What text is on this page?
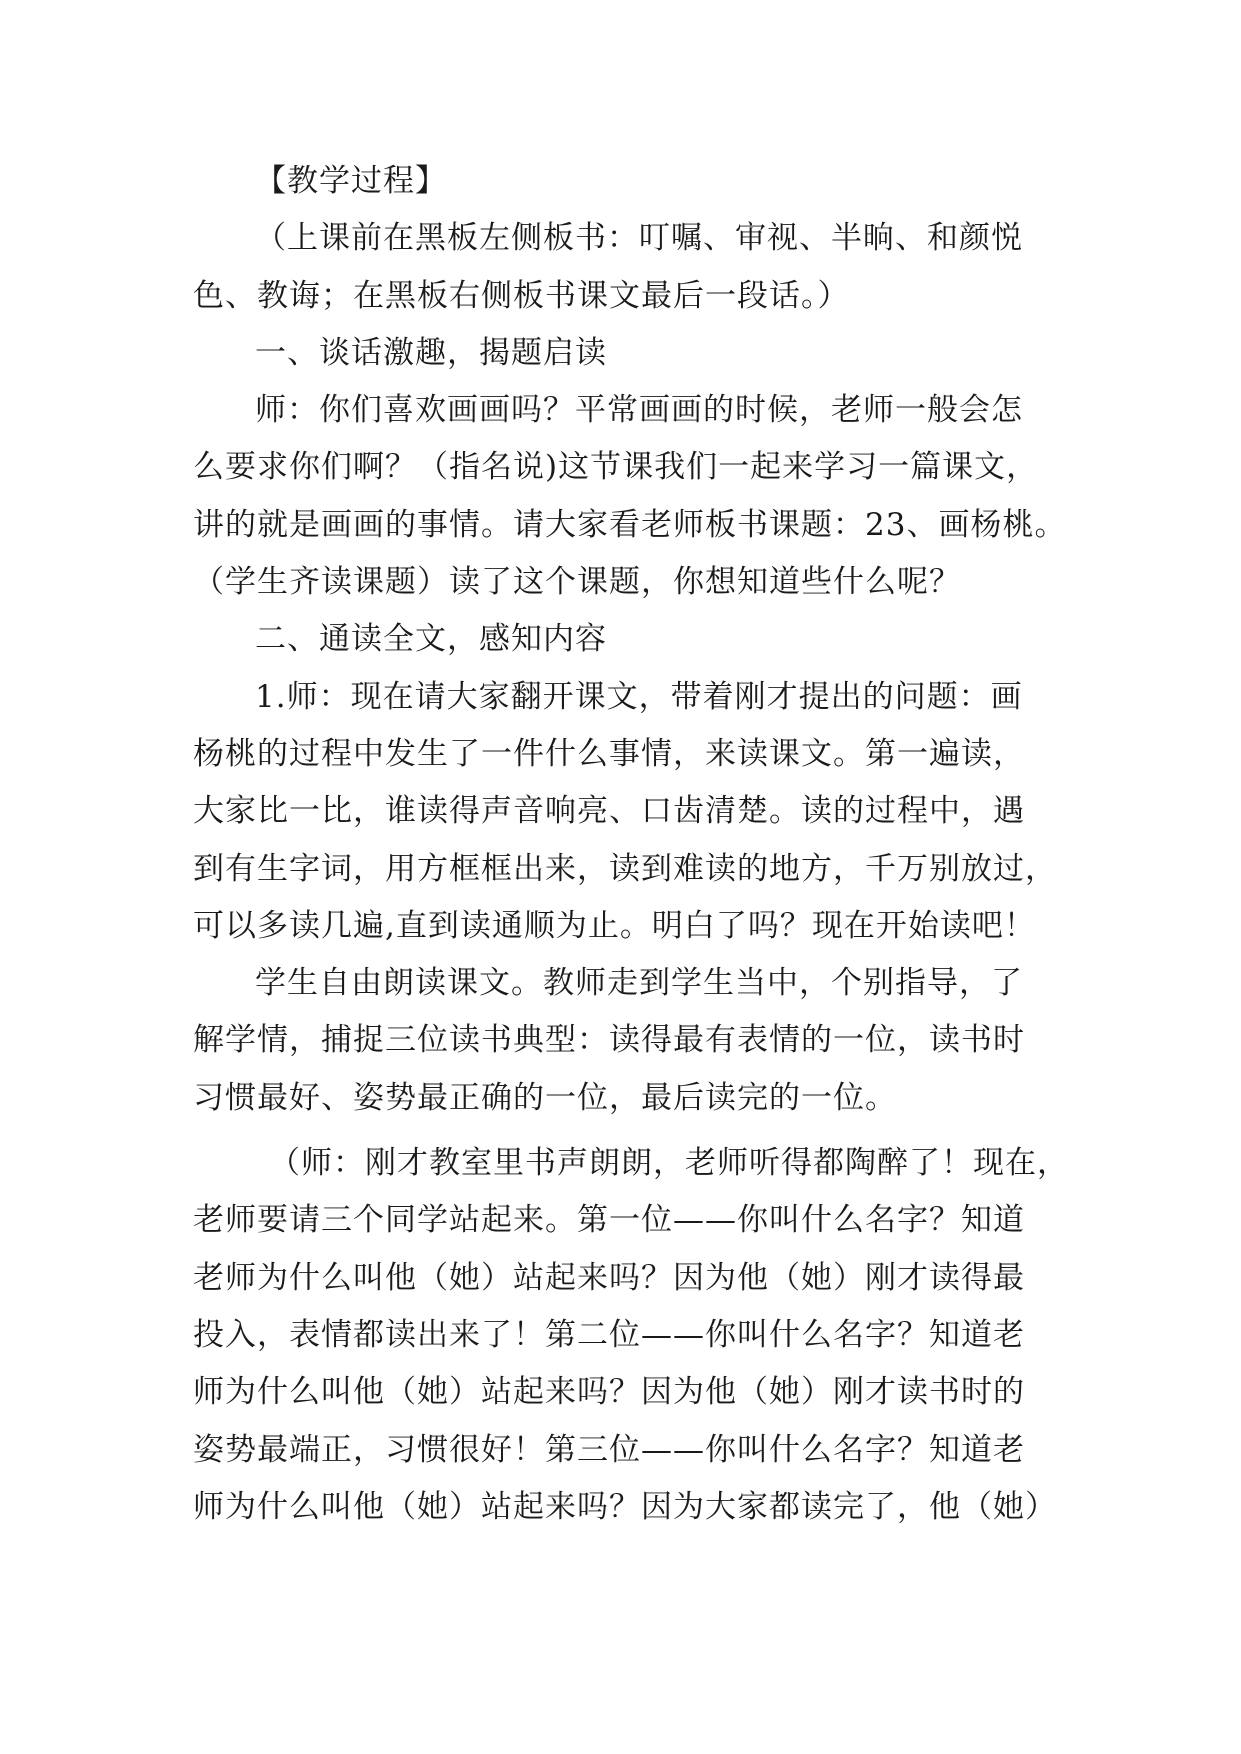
【教学过程】
（上课前在黑板左侧板书：叮嘱、审视、半晌、和颜悦
色、教诲；在黑板右侧板书课文最后一段话。）
一、谈话激趣，揭题启读
师：你们喜欢画画吗？平常画画的时候，老师一般会怎
么要求你们啊？（指名说)这节课我们一起来学习一篇课文，
讲的就是画画的事情。请大家看老师板书课题：23、画杨桃。
（学生齐读课题）读了这个课题，你想知道些什么呢？
二、通读全文，感知内容
1.师：现在请大家翻开课文，带着刚才提出的问题：画
杨桃的过程中发生了一件什么事情，来读课文。第一遍读，
大家比一比，谁读得声音响亮、口齿清楚。读的过程中，遇
到有生字词，用方框框出来，读到难读的地方，千万别放过，
可以多读几遍,直到读通顺为止。明白了吗？现在开始读吧！
学生自由朗读课文。教师走到学生当中，个别指导，了
解学情，捕捉三位读书典型：读得最有表情的一位，读书时
习惯最好、姿势最正确的一位，最后读完的一位。
（师：刚才教室里书声朗朗，老师听得都陶醉了！现在，
老师要请三个同学站起来。第一位——你叫什么名字？知道
老师为什么叫他（她）站起来吗？因为他（她）刚才读得最
投入，表情都读出来了！第二位——你叫什么名字？知道老
师为什么叫他（她）站起来吗？因为他（她）刚才读书时的
姿势最端正，习惯很好！第三位——你叫什么名字？知道老
师为什么叫他（她）站起来吗？因为大家都读完了，他（她）
